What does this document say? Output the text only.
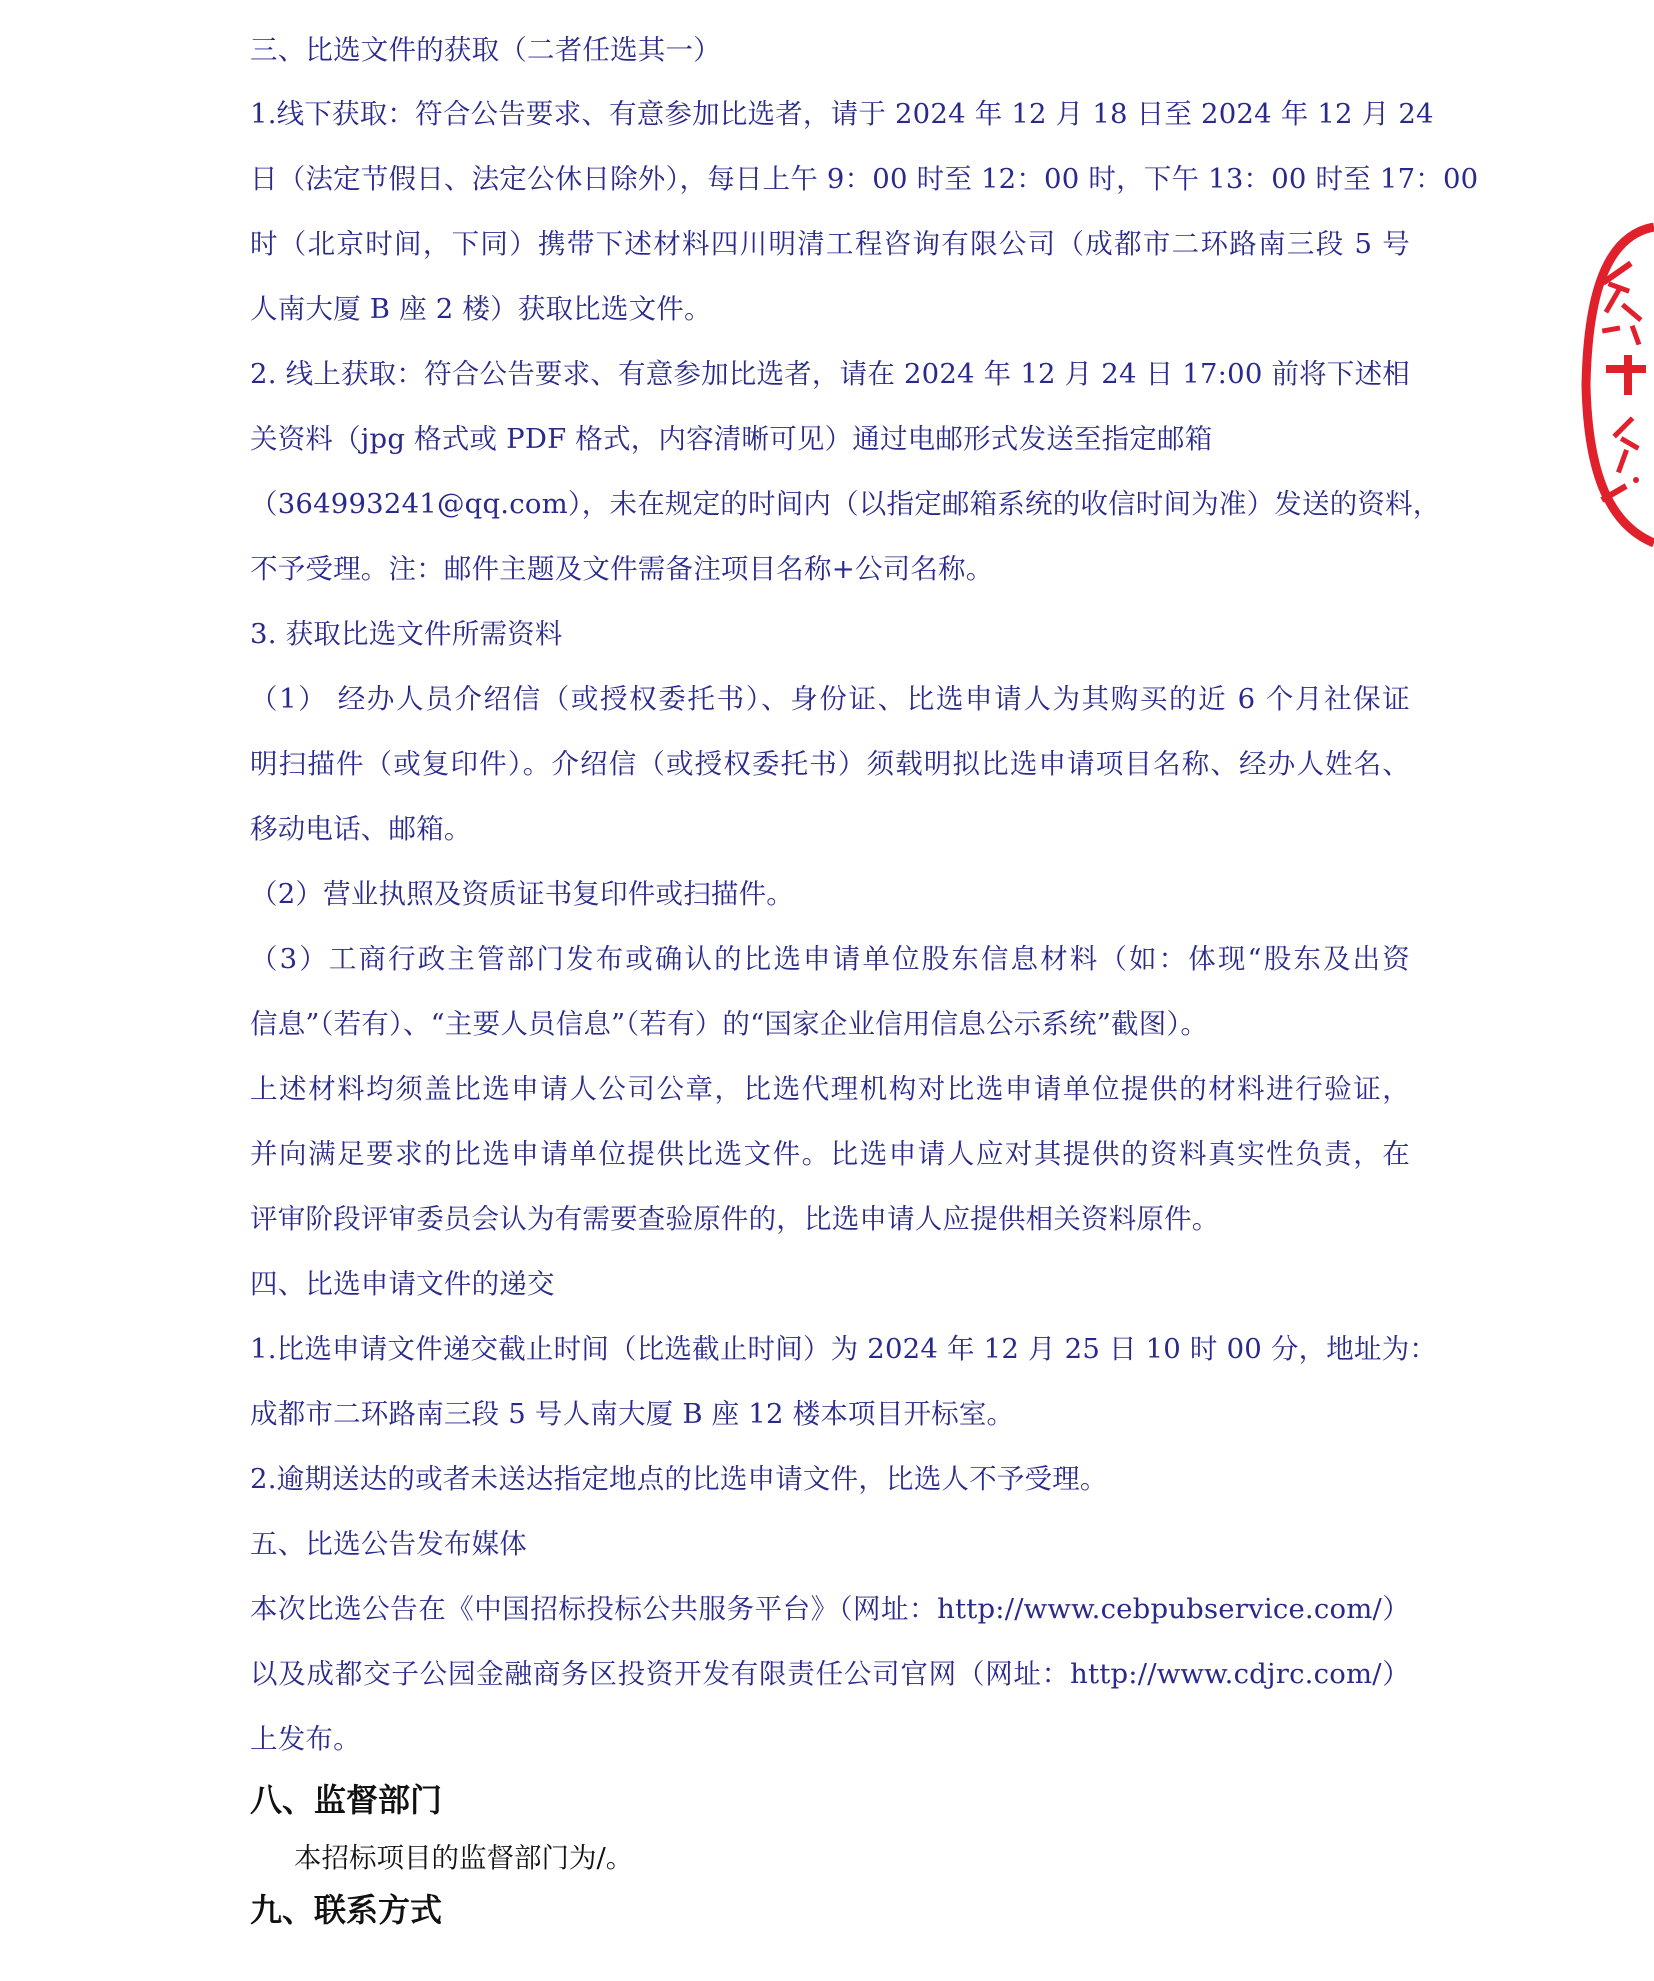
三、比选文件的获取（二者任选其一）
1.线下获取：符合公告要求、有意参加比选者，请于 2024 年 12 月 18 日至 2024 年 12 月 24
日（法定节假日、法定公休日除外），每日上午 9：00 时至 12：00 时，下午 13：00 时至 17：00
时（北京时间，下同）携带下述材料四川明清工程咨询有限公司（成都市二环路南三段 5 号
人南大厦 B 座 2 楼）获取比选文件。
2. 线上获取：符合公告要求、有意参加比选者，请在 2024 年 12 月 24 日 17:00 前将下述相
关资料（jpg 格式或 PDF 格式，内容清晰可见）通过电邮形式发送至指定邮箱
（364993241@qq.com），未在规定的时间内（以指定邮箱系统的收信时间为准）发送的资料，
不予受理。注：邮件主题及文件需备注项目名称+公司名称。
3. 获取比选文件所需资料
（1） 经办人员介绍信（或授权委托书）、身份证、比选申请人为其购买的近 6 个月社保证
明扫描件（或复印件）。介绍信（或授权委托书）须载明拟比选申请项目名称、经办人姓名、
移动电话、邮箱。
（2）营业执照及资质证书复印件或扫描件。
（3）工商行政主管部门发布或确认的比选申请单位股东信息材料（如：体现“股东及出资
信息”（若有）、“主要人员信息”（若有）的“国家企业信用信息公示系统”截图）。
上述材料均须盖比选申请人公司公章，比选代理机构对比选申请单位提供的材料进行验证，
并向满足要求的比选申请单位提供比选文件。比选申请人应对其提供的资料真实性负责，在
评审阶段评审委员会认为有需要查验原件的，比选申请人应提供相关资料原件。
四、比选申请文件的递交
1.比选申请文件递交截止时间（比选截止时间）为 2024 年 12 月 25 日 10 时 00 分，地址为：
成都市二环路南三段 5 号人南大厦 B 座 12 楼本项目开标室。
2.逾期送达的或者未送达指定地点的比选申请文件，比选人不予受理。
五、比选公告发布媒体
本次比选公告在《中国招标投标公共服务平台》（网址：http://www.cebpubservice.com/）
以及成都交子公园金融商务区投资开发有限责任公司官网（网址：http://www.cdjrc.com/）
上发布。
八、监督部门
本招标项目的监督部门为/。
九、联系方式
